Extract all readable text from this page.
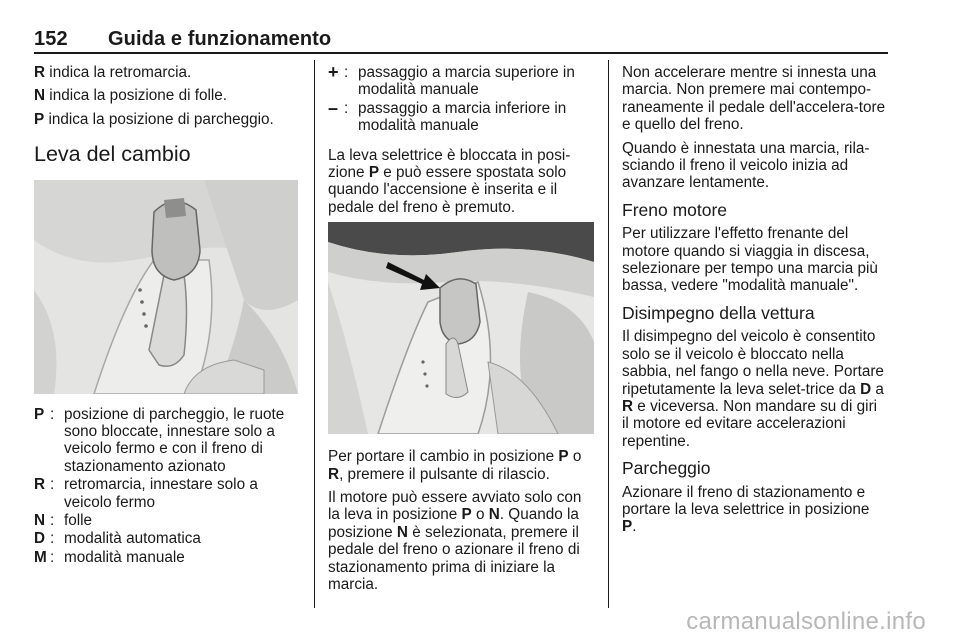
152 Guida e funzionamento

R indica la retromarcia.

N indica la posizione di folle.

P indica la posizione di parcheggio.

Leva del cambio
P : posizione di parcheggio, le ruote sono bloccate, innestare solo a veicolo fermo e con il freno di stazionamento azionato
R : retromarcia, innestare solo a veicolo fermo
N : folle
D : modalità automatica
M : modalità manuale
+ : passaggio a marcia superiore in modalità manuale
– : passaggio a marcia inferiore in modalità manuale

La leva selettrice è bloccata in posi-zione P e può essere spostata solo quando l'accensione è inserita e il pedale del freno è premuto.

Per portare il cambio in posizione P o R, premere il pulsante di rilascio.

Il motore può essere avviato solo con la leva in posizione P o N. Quando la posizione N è selezionata, premere il pedale del freno o azionare il freno di stazionamento prima di iniziare la marcia.

Non accelerare mentre si innesta una marcia. Non premere mai contempo-raneamente il pedale dell'accelera-tore e quello del freno.

Quando è innestata una marcia, rila-sciando il freno il veicolo inizia ad avanzare lentamente.

Freno motore

Per utilizzare l'effetto frenante del motore quando si viaggia in discesa, selezionare per tempo una marcia più bassa, vedere "modalità manuale".

Disimpegno della vettura

Il disimpegno del veicolo è consentito solo se il veicolo è bloccato nella sabbia, nel fango o nella neve. Portare ripetutamente la leva selet-trice da D a R e viceversa. Non mandare su di giri il motore ed evitare accelerazioni repentine.

Parcheggio

Azionare il freno di stazionamento e portare la leva selettrice in posizione P.

carmanualsonline.info
